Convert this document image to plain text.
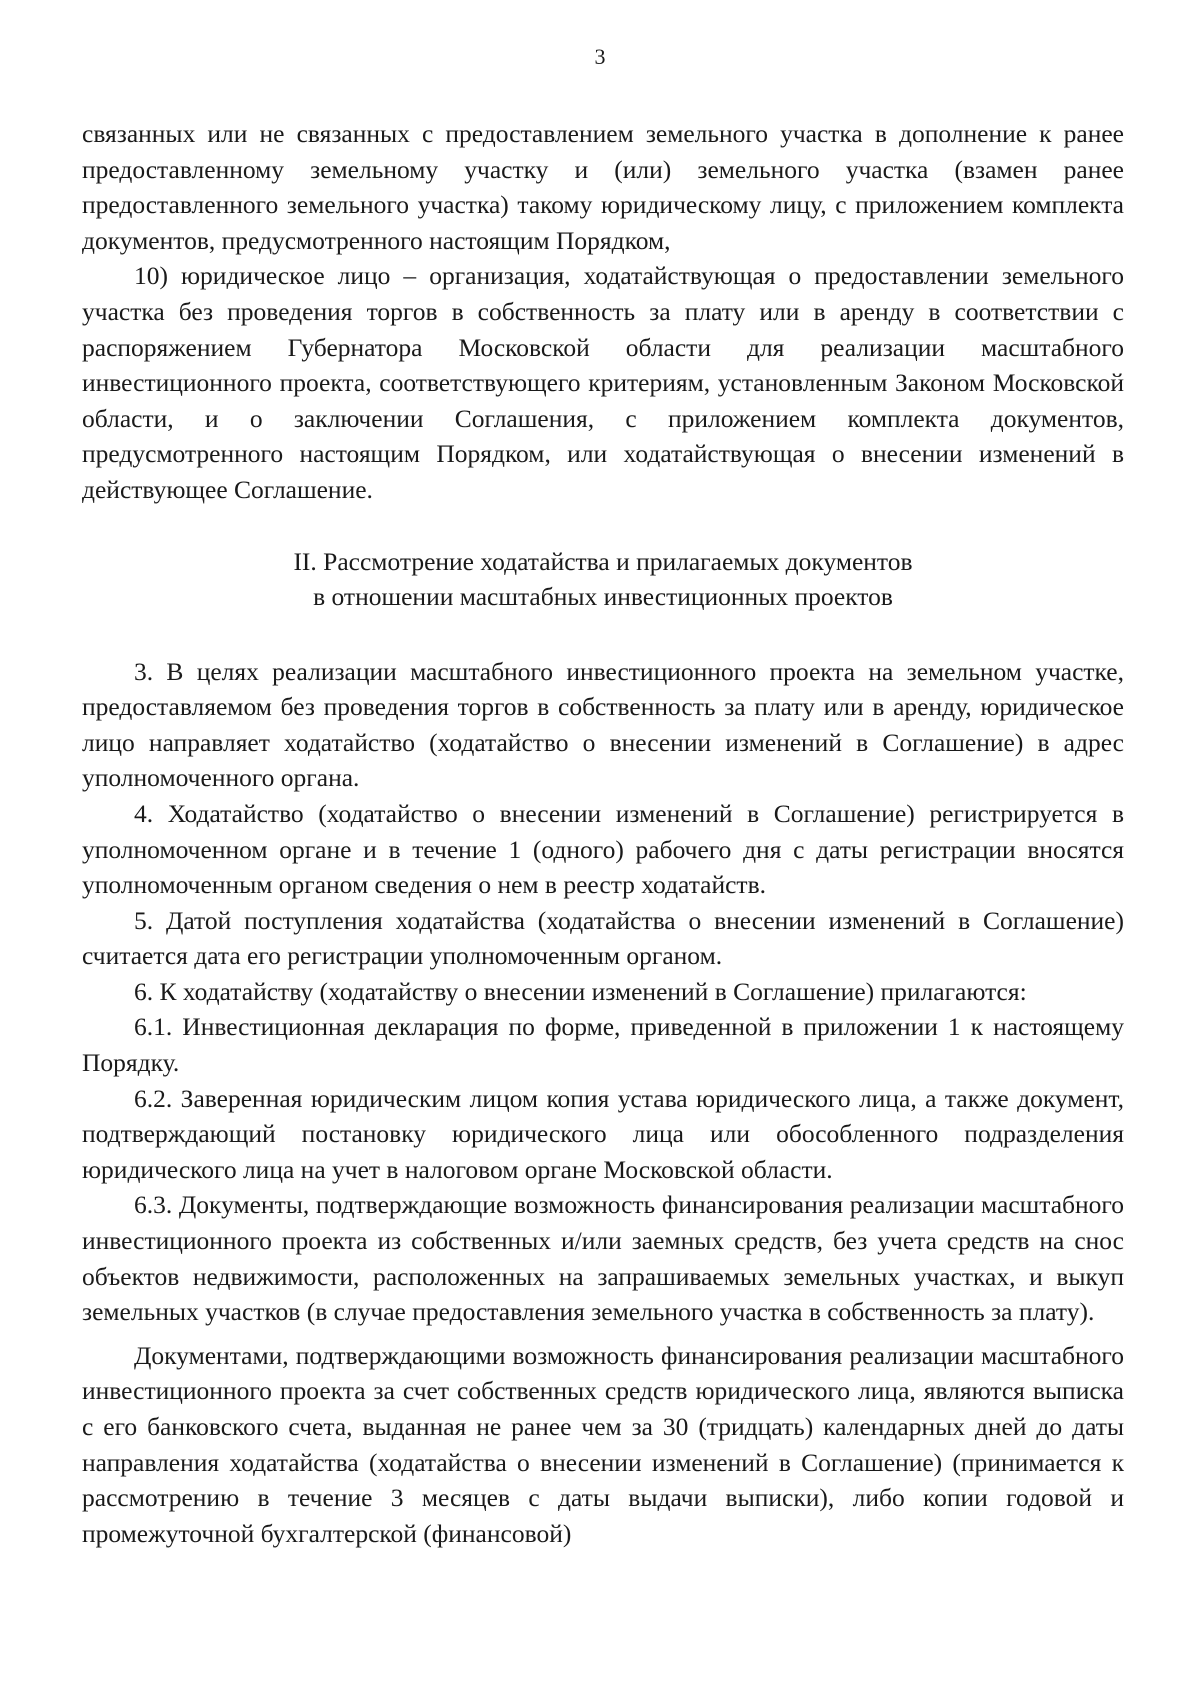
3

связанных или не связанных с предоставлением земельного участка в дополнение к ранее предоставленному земельному участку и (или) земельного участка (взамен ранее предоставленного земельного участка) такому юридическому лицу, с приложением комплекта документов, предусмотренного настоящим Порядком,

10) юридическое лицо – организация, ходатайствующая о предоставлении земельного участка без проведения торгов в собственность за плату или в аренду в соответствии с распоряжением Губернатора Московской области для реализации масштабного инвестиционного проекта, соответствующего критериям, установленным Законом Московской области, и о заключении Соглашения, с приложением комплекта документов, предусмотренного настоящим Порядком, или ходатайствующая о внесении изменений в действующее Соглашение.

II. Рассмотрение ходатайства и прилагаемых документов
в отношении масштабных инвестиционных проектов

3. В целях реализации масштабного инвестиционного проекта на земельном участке, предоставляемом без проведения торгов в собственность за плату или в аренду, юридическое лицо направляет ходатайство (ходатайство о внесении изменений в Соглашение) в адрес уполномоченного органа.

4. Ходатайство (ходатайство о внесении изменений в Соглашение) регистрируется в уполномоченном органе и в течение 1 (одного) рабочего дня с даты регистрации вносятся уполномоченным органом сведения о нем в реестр ходатайств.

5. Датой поступления ходатайства (ходатайства о внесении изменений в Соглашение) считается дата его регистрации уполномоченным органом.

6. К ходатайству (ходатайству о внесении изменений в Соглашение) прилагаются:

6.1. Инвестиционная декларация по форме, приведенной в приложении 1 к настоящему Порядку.

6.2. Заверенная юридическим лицом копия устава юридического лица, а также документ, подтверждающий постановку юридического лица или обособленного подразделения юридического лица на учет в налоговом органе Московской области.

6.3. Документы, подтверждающие возможность финансирования реализации масштабного инвестиционного проекта из собственных и/или заемных средств, без учета средств на снос объектов недвижимости, расположенных на запрашиваемых земельных участках, и выкуп земельных участков (в случае предоставления земельного участка в собственность за плату).

Документами, подтверждающими возможность финансирования реализации масштабного инвестиционного проекта за счет собственных средств юридического лица, являются выписка с его банковского счета, выданная не ранее чем за 30 (тридцать) календарных дней до даты направления ходатайства (ходатайства о внесении изменений в Соглашение) (принимается к рассмотрению в течение 3 месяцев с даты выдачи выписки), либо копии годовой и промежуточной бухгалтерской (финансовой)
